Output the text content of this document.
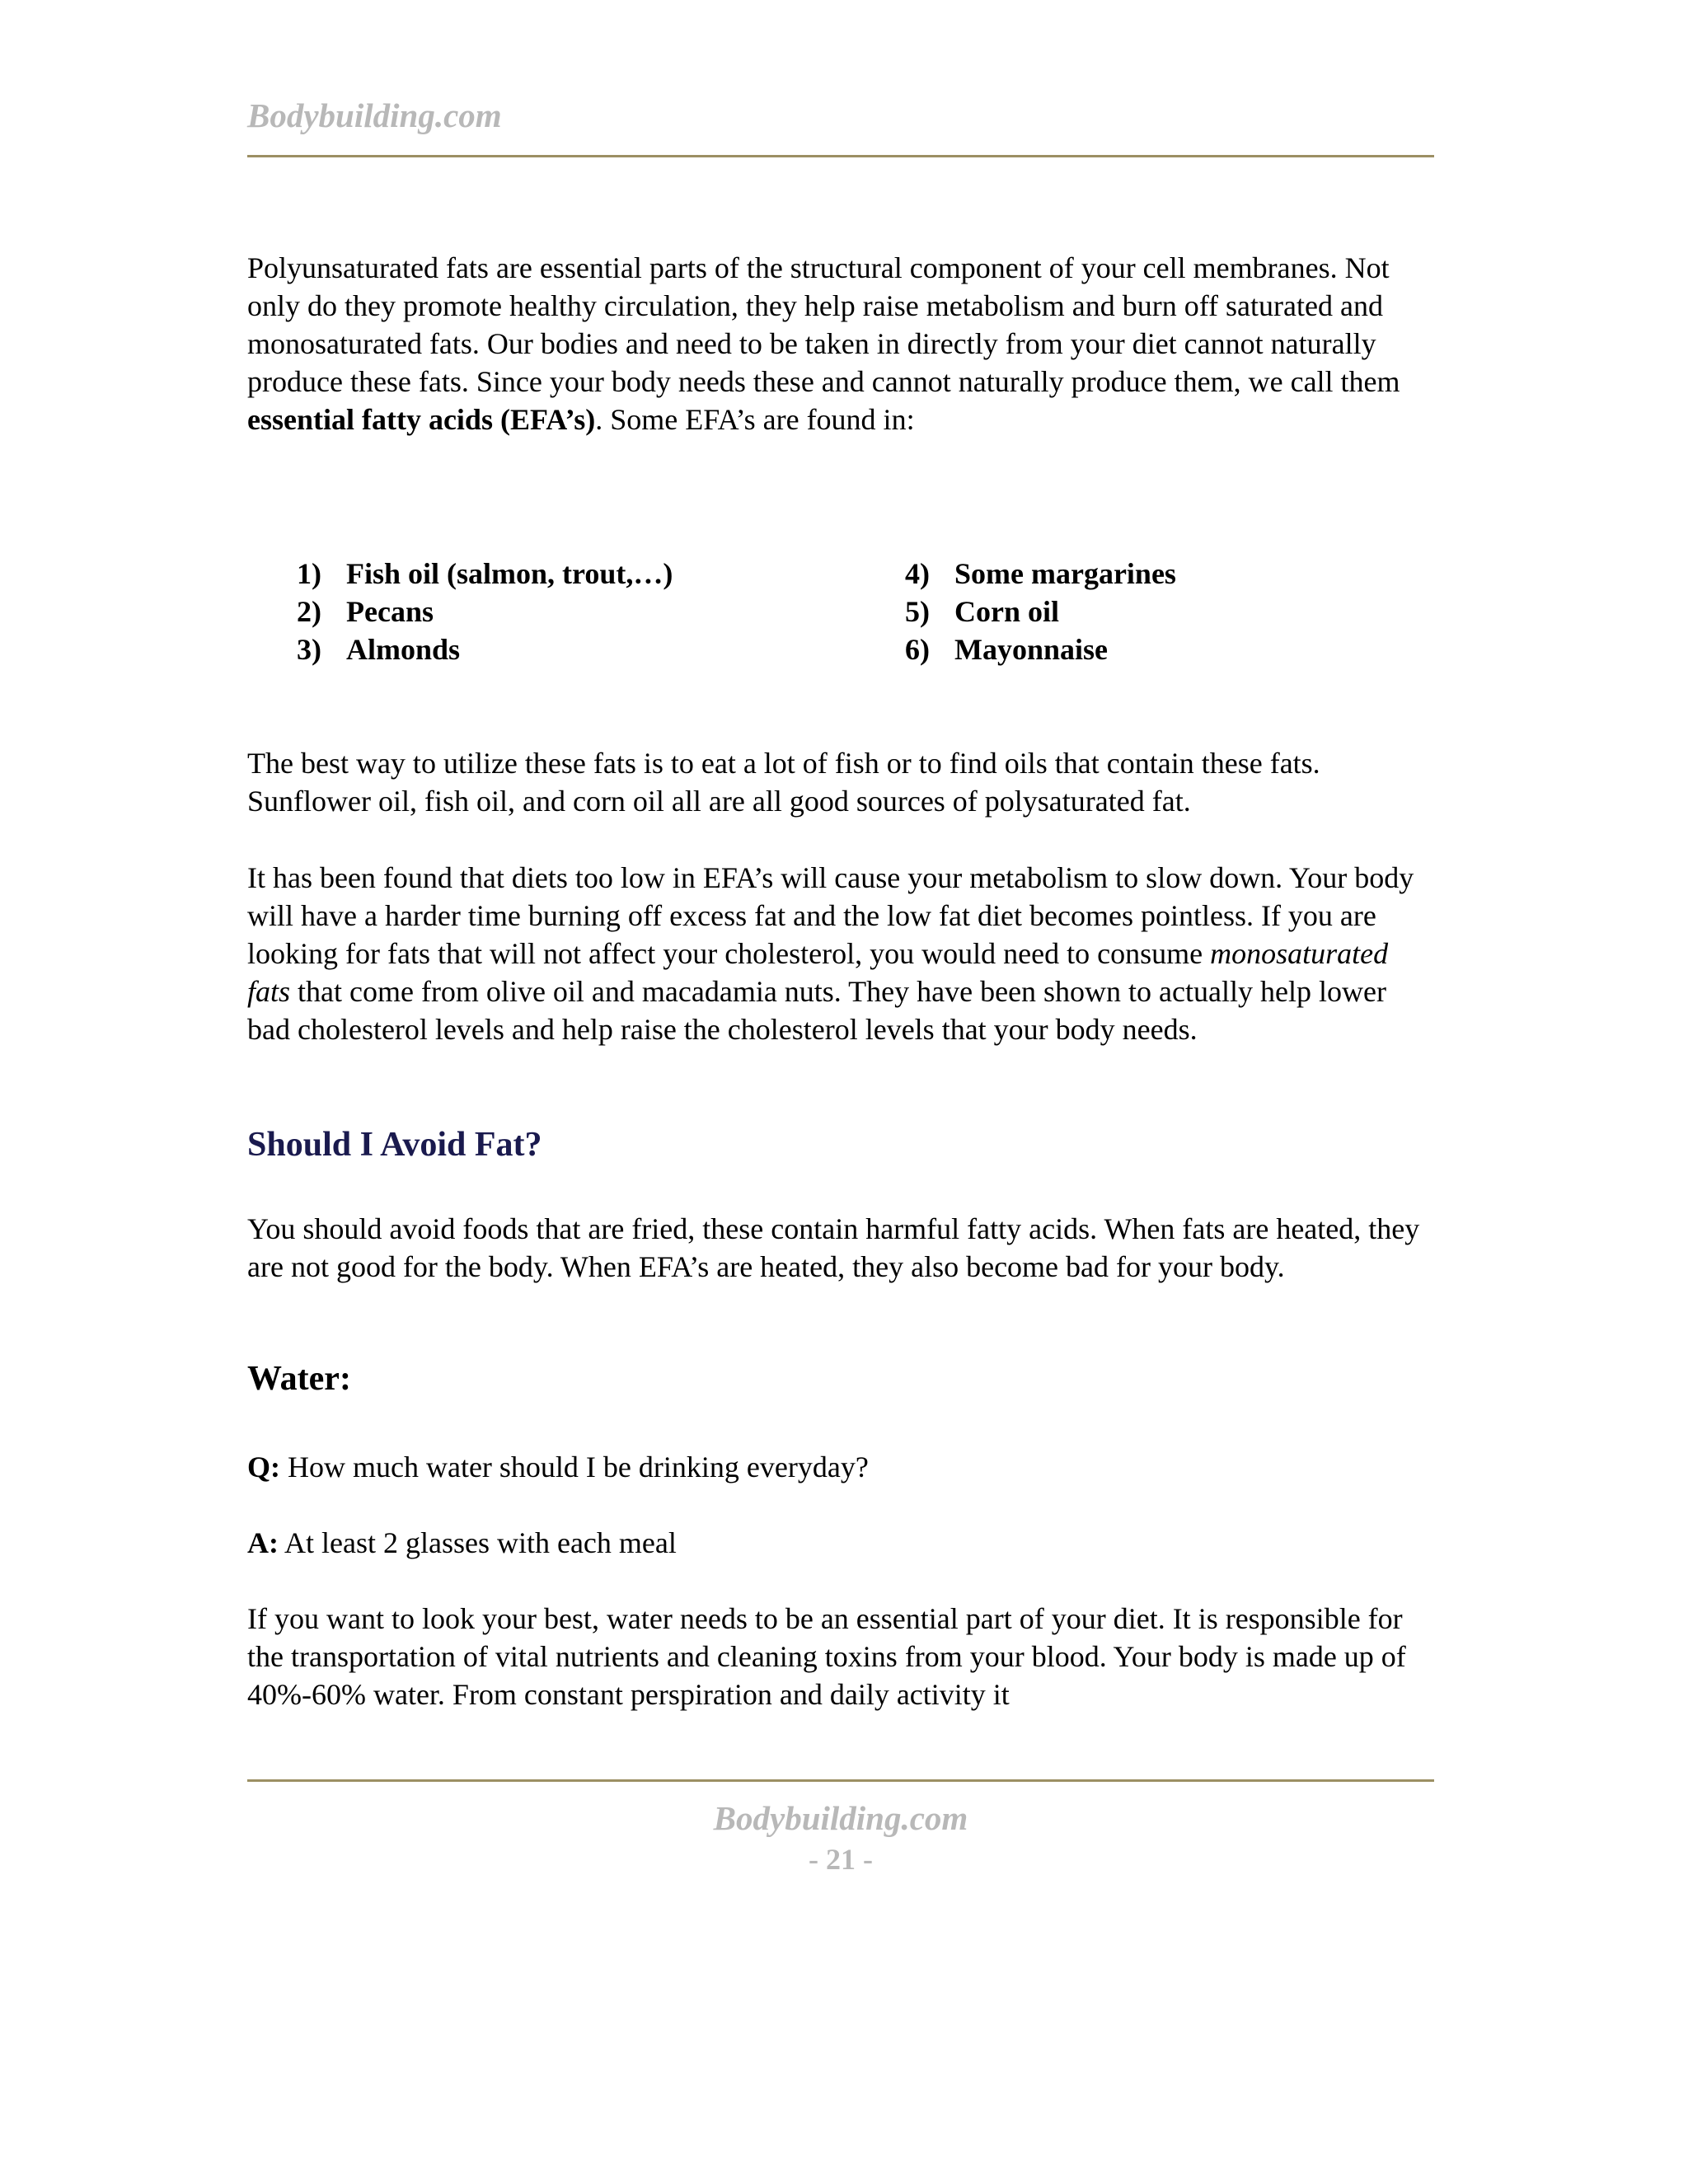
Bodybuilding.com

Polyunsaturated fats are essential parts of the structural component of your cell membranes. Not only do they promote healthy circulation, they help raise metabolism and burn off saturated and monosaturated fats. Our bodies and need to be taken in directly from your diet cannot naturally produce these fats. Since your body needs these and cannot naturally produce them, we call them essential fatty acids (EFA’s). Some EFA’s are found in:

1) Fish oil (salmon, trout,…)
2) Pecans
3) Almonds
4) Some margarines
5) Corn oil
6) Mayonnaise

The best way to utilize these fats is to eat a lot of fish or to find oils that contain these fats. Sunflower oil, fish oil, and corn oil all are all good sources of polysaturated fat.

It has been found that diets too low in EFA’s will cause your metabolism to slow down. Your body will have a harder time burning off excess fat and the low fat diet becomes pointless. If you are looking for fats that will not affect your cholesterol, you would need to consume monosaturated fats that come from olive oil and macadamia nuts. They have been shown to actually help lower bad cholesterol levels and help raise the cholesterol levels that your body needs.

Should I Avoid Fat?

You should avoid foods that are fried, these contain harmful fatty acids. When fats are heated, they are not good for the body. When EFA’s are heated, they also become bad for your body.

Water:

Q: How much water should I be drinking everyday?

A: At least 2 glasses with each meal

If you want to look your best, water needs to be an essential part of your diet. It is responsible for the transportation of vital nutrients and cleaning toxins from your blood. Your body is made up of 40%-60% water. From constant perspiration and daily activity it

Bodybuilding.com
- 21 -
